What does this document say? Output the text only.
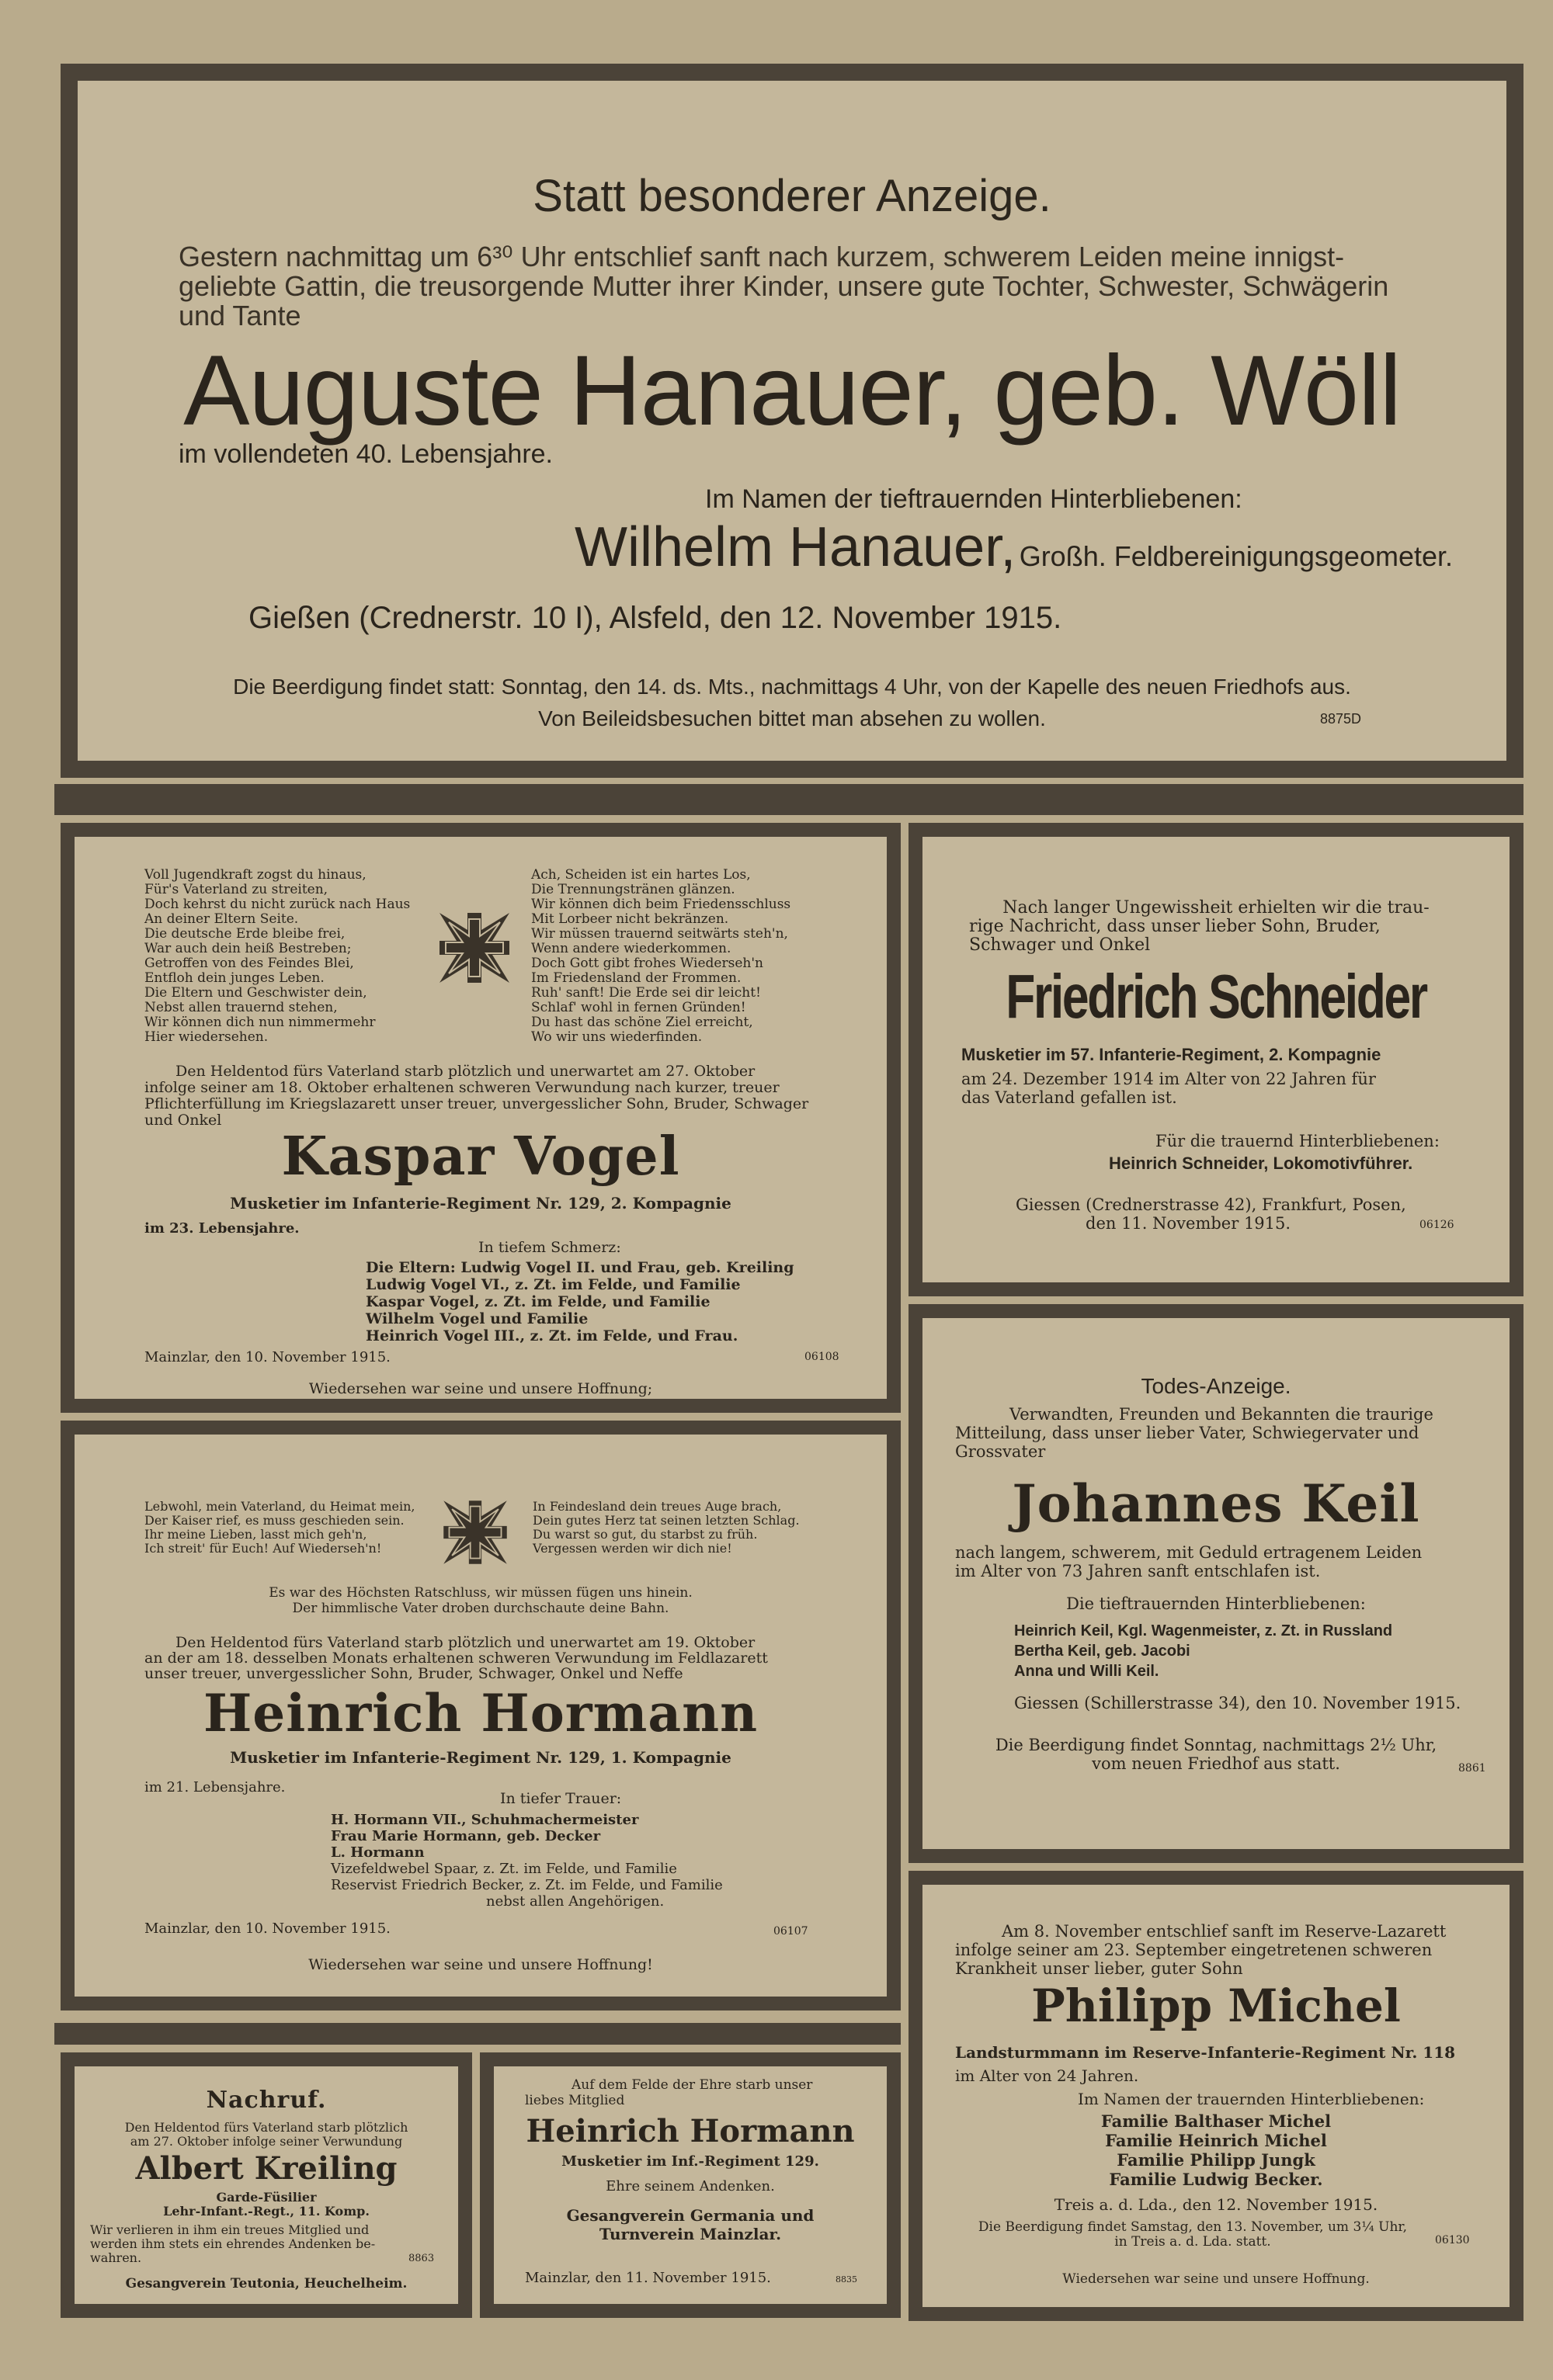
Statt besonderer Anzeige.

Gestern nachmittag um 6³⁰ Uhr entschlief sanft nach kurzem, schwerem Leiden meine innigst-

geliebte Gattin, die treusorgende Mutter ihrer Kinder, unsere gute Tochter, Schwester, Schwägerin

und Tante

Auguste Hanauer, geb. Wöll
im vollendeten 40. Lebensjahre.
Im Namen der tieftrauernden Hinterbliebenen:
Wilhelm Hanauer, Großh. Feldbereinigungsgeometer.
Gießen (Crednerstr. 10 I), Alsfeld, den 12. November 1915.
Die Beerdigung findet statt: Sonntag, den 14. ds. Mts., nachmittags 4 Uhr, von der Kapelle des neuen Friedhofs aus.
Von Beileidsbesuchen bittet man absehen zu wollen.	8875D

Voll Jugendkraft zogst du hinaus,

Für's Vaterland zu streiten,

Doch kehrst du nicht zurück nach Haus

An deiner Eltern Seite.

Die deutsche Erde bleibe frei,

War auch dein heiß Bestreben;

Getroffen von des Feindes Blei,

Entfloh dein junges Leben.

Die Eltern und Geschwister dein,

Nebst allen trauernd stehen,

Wir können dich nun nimmermehr

Hier wiedersehen.

Ach, Scheiden ist ein hartes Los,

Die Trennungstränen glänzen.

Wir können dich beim Friedensschluss

Mit Lorbeer nicht bekränzen.

Wir müssen trauernd seitwärts steh'n,

Wenn andere wiederkommen.

Doch Gott gibt frohes Wiederseh'n

Im Friedensland der Frommen.

Ruh' sanft! Die Erde sei dir leicht!

Schlaf' wohl in fernen Gründen!

Du hast das schöne Ziel erreicht,

Wo wir uns wiederfinden.

Den Heldentod fürs Vaterland starb plötzlich und unerwartet am 27. Oktober

infolge seiner am 18. Oktober erhaltenen schweren Verwundung nach kurzer, treuer

Pflichterfüllung im Kriegslazarett unser treuer, unvergesslicher Sohn, Bruder, Schwager

und Onkel

Kaspar Vogel
Musketier im Infanterie-Regiment Nr. 129, 2. Kompagnie
im 23. Lebensjahre.
In tiefem Schmerz:

Die Eltern: Ludwig Vogel II. und Frau, geb. Kreiling

Ludwig Vogel VI., z. Zt. im Felde, und Familie

Kaspar Vogel, z. Zt. im Felde, und Familie

Wilhelm Vogel und Familie

Heinrich Vogel III., z. Zt. im Felde, und Frau.

Mainzlar, den 10. November 1915.	06108
Wiedersehen war seine und unsere Hoffnung;

Nach langer Ungewissheit erhielten wir die trau-

rige Nachricht, dass unser lieber Sohn, Bruder,

Schwager und Onkel

Friedrich Schneider
Musketier im 57. Infanterie-Regiment, 2. Kompagnie

am 24. Dezember 1914 im Alter von 22 Jahren für

das Vaterland gefallen ist.

Für die trauernd Hinterbliebenen:
Heinrich Schneider, Lokomotivführer.

Giessen (Crednerstrasse 42), Frankfurt, Posen,

den 11. November 1915.	06126
Todes-Anzeige.

Verwandten, Freunden und Bekannten die traurige

Mitteilung, dass unser lieber Vater, Schwiegervater und

Grossvater

Johannes Keil

nach langem, schwerem, mit Geduld ertragenem Leiden

im Alter von 73 Jahren sanft entschlafen ist.

Die tieftrauernden Hinterbliebenen:

Heinrich Keil, Kgl. Wagenmeister, z. Zt. in Russland

Bertha Keil, geb. Jacobi

Anna und Willi Keil.

Giessen (Schillerstrasse 34), den 10. November 1915.

Die Beerdigung findet Sonntag, nachmittags 2½ Uhr,

vom neuen Friedhof aus statt.	8861

Lebwohl, mein Vaterland, du Heimat mein,

Der Kaiser rief, es muss geschieden sein.

Ihr meine Lieben, lasst mich geh'n,

Ich streit' für Euch! Auf Wiederseh'n!

In Feindesland dein treues Auge brach,

Dein gutes Herz tat seinen letzten Schlag.

Du warst so gut, du starbst zu früh.

Vergessen werden wir dich nie!

Es war des Höchsten Ratschluss, wir müssen fügen uns hinein.

Der himmlische Vater droben durchschaute deine Bahn.

Den Heldentod fürs Vaterland starb plötzlich und unerwartet am 19. Oktober

an der am 18. desselben Monats erhaltenen schweren Verwundung im Feldlazarett

unser treuer, unvergesslicher Sohn, Bruder, Schwager, Onkel und Neffe

Heinrich Hormann
Musketier im Infanterie-Regiment Nr. 129, 1. Kompagnie
im 21. Lebensjahre.
In tiefer Trauer:

H. Hormann VII., Schuhmachermeister

Frau Marie Hormann, geb. Decker

L. Hormann

Vizefeldwebel Spaar, z. Zt. im Felde, und Familie

Reservist Friedrich Becker, z. Zt. im Felde, und Familie

nebst allen Angehörigen.

Mainzlar, den 10. November 1915.	06107
Wiedersehen war seine und unsere Hoffnung!

Am 8. November entschlief sanft im Reserve-Lazarett

infolge seiner am 23. September eingetretenen schweren

Krankheit unser lieber, guter Sohn

Philipp Michel
Landsturmmann im Reserve-Infanterie-Regiment Nr. 118
im Alter von 24 Jahren.
Im Namen der trauernden Hinterbliebenen:

Familie Balthaser Michel

Familie Heinrich Michel

Familie Philipp Jungk

Familie Ludwig Becker.

Treis a. d. Lda., den 12. November 1915.

Die Beerdigung findet Samstag, den 13. November, um 3¼ Uhr,

in Treis a. d. Lda. statt.	06130
Wiedersehen war seine und unsere Hoffnung.
Nachruf.

Den Heldentod fürs Vaterland starb plötzlich

am 27. Oktober infolge seiner Verwundung

Albert Kreiling

Garde-Füsilier

Lehr-Infant.-Regt., 11. Komp.

Wir verlieren in ihm ein treues Mitglied und

werden ihm stets ein ehrendes Andenken be-

wahren.	8863
Gesangverein Teutonia, Heuchelheim.

Auf dem Felde der Ehre starb unser

liebes Mitglied

Heinrich Hormann
Musketier im Inf.-Regiment 129.
Ehre seinem Andenken.

Gesangverein Germania und

Turnverein Mainzlar.

Mainzlar, den 11. November 1915.	8835
